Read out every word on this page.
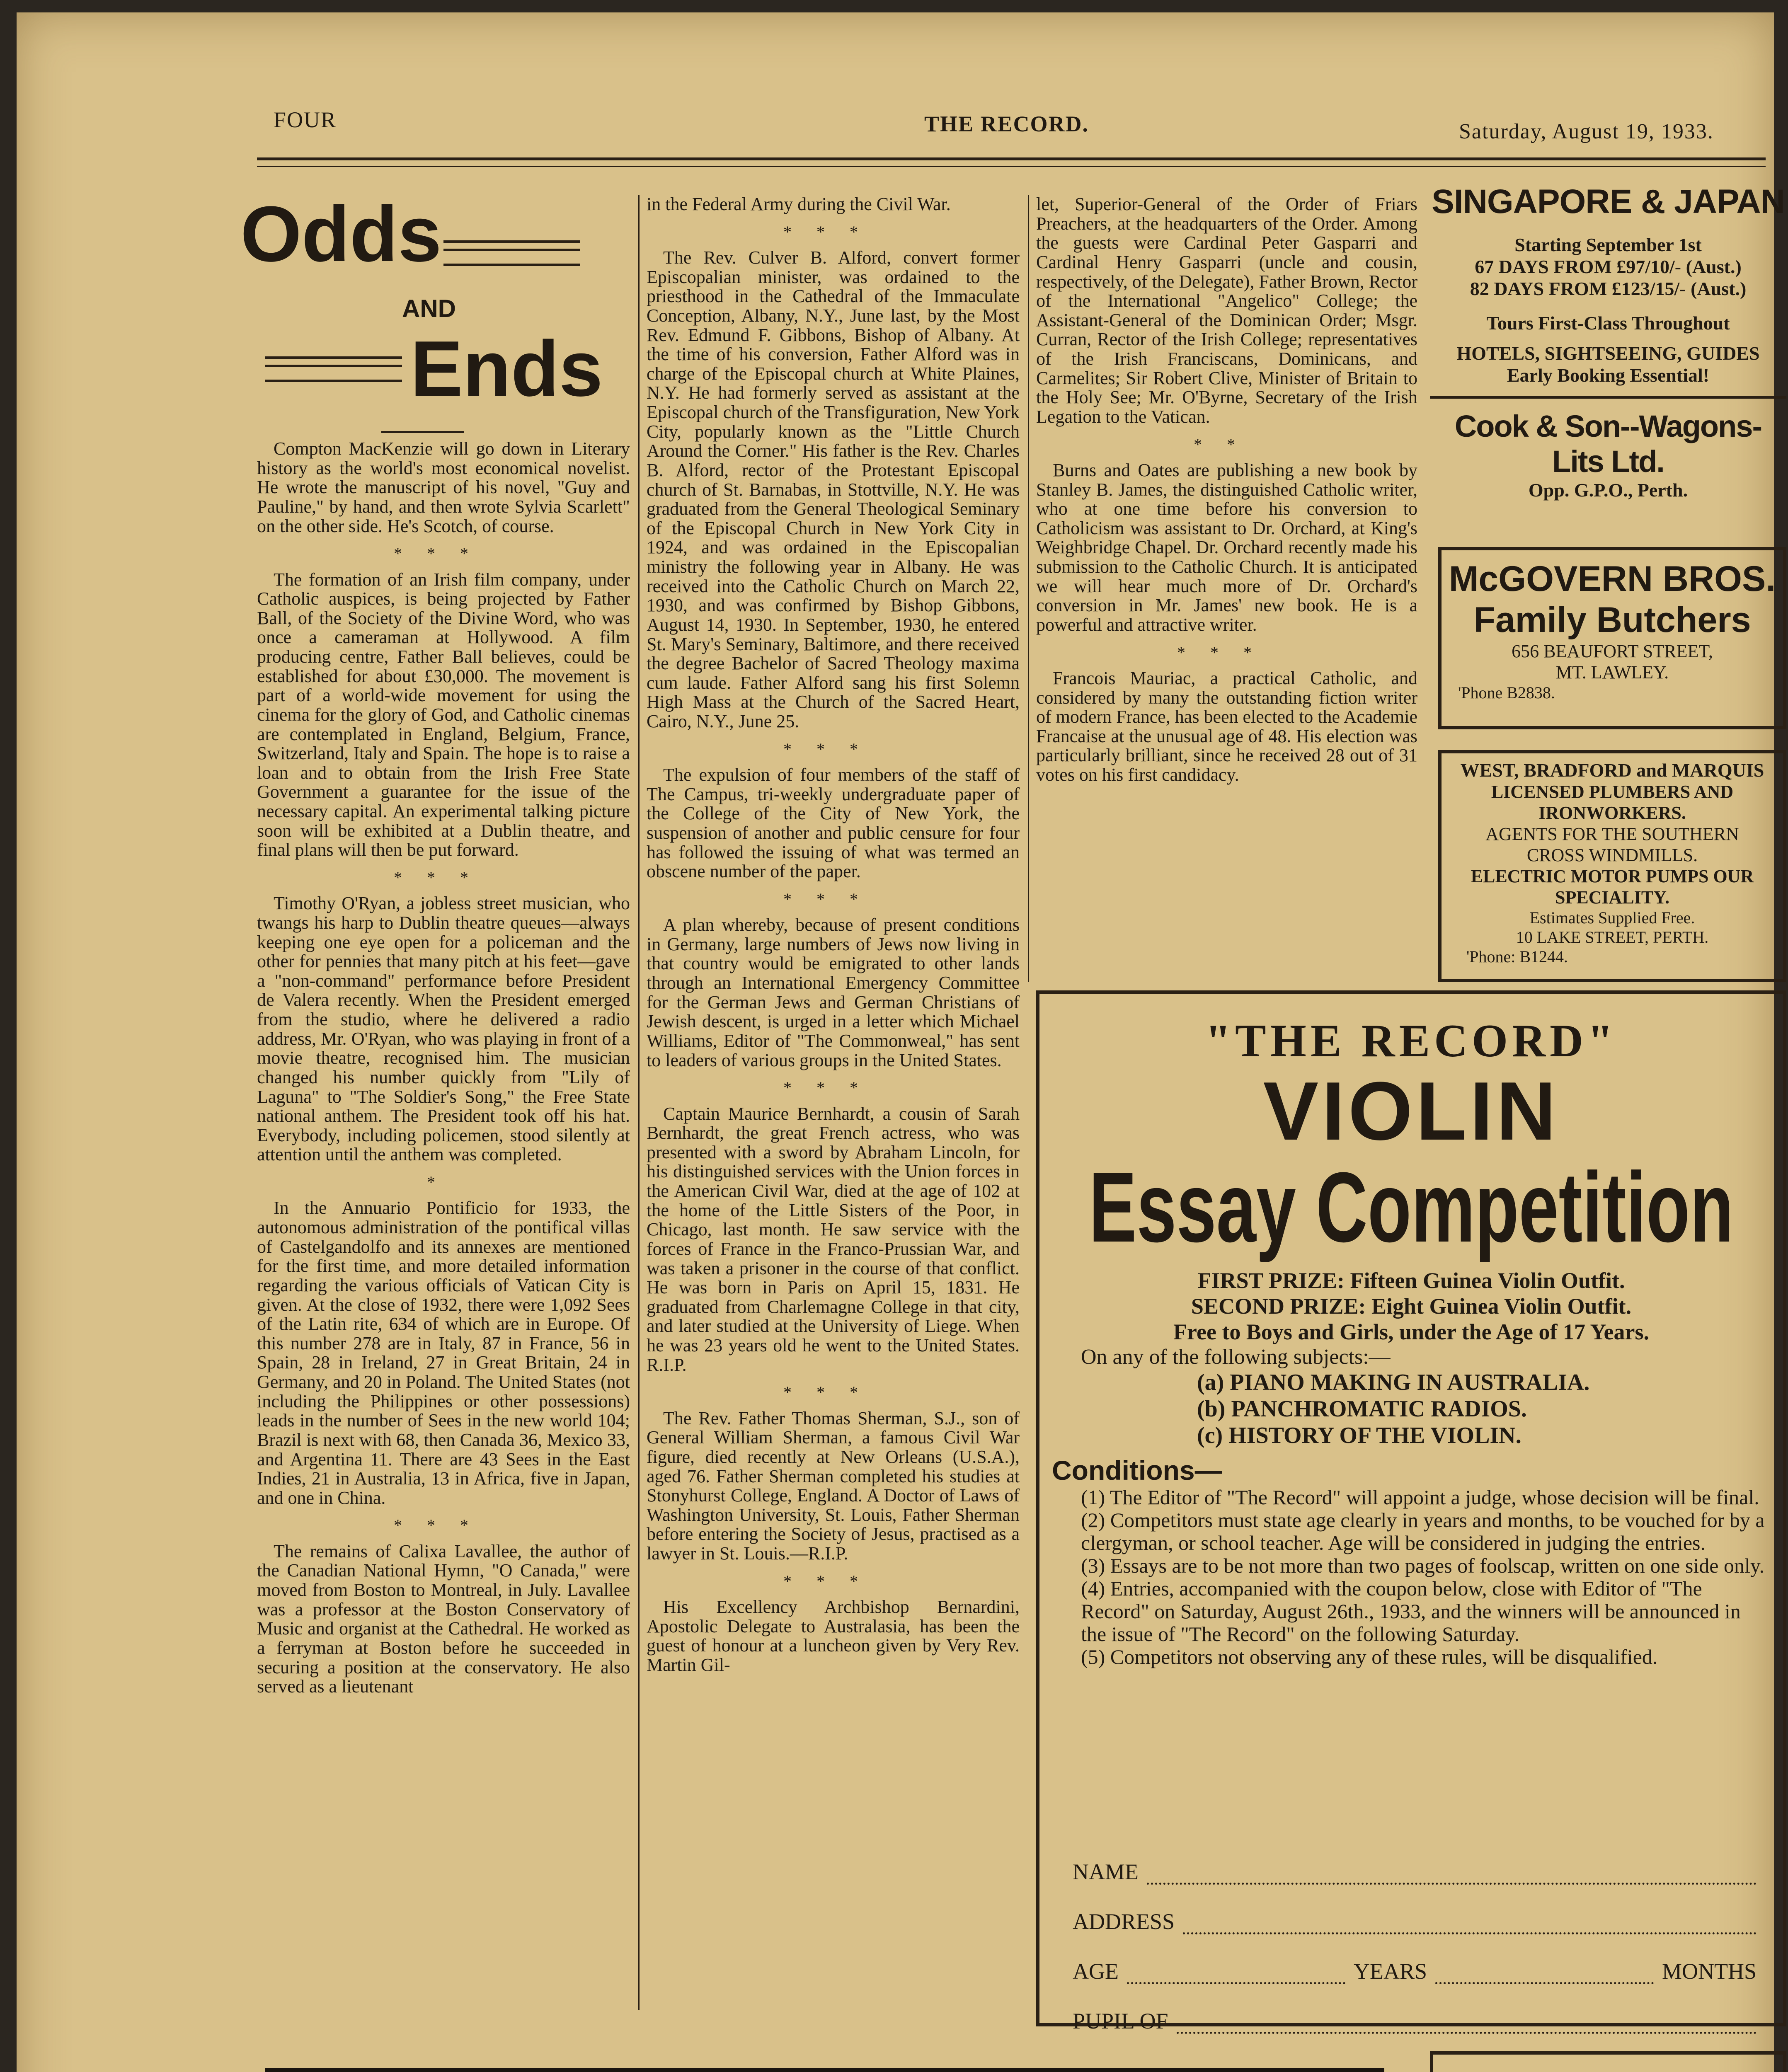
FOUR	THE RECORD.	Saturday, August 19, 1933.
Odds
AND
Ends

Compton MacKenzie will go down in Literary history as the world's most economical novelist. He wrote the manuscript of his novel, "Guy and Pauline," by hand, and then wrote Sylvia Scarlett" on the other side. He's Scotch, of course.

***

The formation of an Irish film company, under Catholic auspices, is being projected by Father Ball, of the Society of the Divine Word, who was once a cameraman at Hollywood. A film producing centre, Father Ball believes, could be established for about £30,000. The movement is part of a world-wide movement for using the cinema for the glory of God, and Catholic cinemas are contemplated in England, Belgium, France, Switzerland, Italy and Spain. The hope is to raise a loan and to obtain from the Irish Free State Government a guarantee for the issue of the necessary capital. An experimental talking picture soon will be exhibited at a Dublin theatre, and final plans will then be put forward.

***

Timothy O'Ryan, a jobless street musician, who twangs his harp to Dublin theatre queues—always keeping one eye open for a policeman and the other for pennies that many pitch at his feet—gave a "non-command" performance before President de Valera recently. When the President emerged from the studio, where he delivered a radio address, Mr. O'Ryan, who was playing in front of a movie theatre, recognised him. The musician changed his number quickly from "Lily of Laguna" to "The Soldier's Song," the Free State national anthem. The President took off his hat. Everybody, including policemen, stood silently at attention until the anthem was completed.

*

In the Annuario Pontificio for 1933, the autonomous administration of the pontifical villas of Castelgandolfo and its annexes are mentioned for the first time, and more detailed information regarding the various officials of Vatican City is given. At the close of 1932, there were 1,092 Sees of the Latin rite, 634 of which are in Europe. Of this number 278 are in Italy, 87 in France, 56 in Spain, 28 in Ireland, 27 in Great Britain, 24 in Germany, and 20 in Poland. The United States (not including the Philippines or other possessions) leads in the number of Sees in the new world 104; Brazil is next with 68, then Canada 36, Mexico 33, and Argentina 11. There are 43 Sees in the East Indies, 21 in Australia, 13 in Africa, five in Japan, and one in China.

***

The remains of Calixa Lavallee, the author of the Canadian National Hymn, "O Canada," were moved from Boston to Montreal, in July. Lavallee was a professor at the Boston Conservatory of Music and organist at the Cathedral. He worked as a ferryman at Boston before he succeeded in securing a position at the conservatory. He also served as a lieutenant

in the Federal Army during the Civil War.

***

The Rev. Culver B. Alford, convert former Episcopalian minister, was ordained to the priesthood in the Cathedral of the Immaculate Conception, Albany, N.Y., June last, by the Most Rev. Edmund F. Gibbons, Bishop of Albany. At the time of his conversion, Father Alford was in charge of the Episcopal church at White Plaines, N.Y. He had formerly served as assistant at the Episcopal church of the Transfiguration, New York City, popularly known as the "Little Church Around the Corner." His father is the Rev. Charles B. Alford, rector of the Protestant Episcopal church of St. Barnabas, in Stottville, N.Y. He was graduated from the General Theological Seminary of the Episcopal Church in New York City in 1924, and was ordained in the Episcopalian ministry the following year in Albany. He was received into the Catholic Church on March 22, 1930, and was confirmed by Bishop Gibbons, August 14, 1930. In September, 1930, he entered St. Mary's Seminary, Baltimore, and there received the degree Bachelor of Sacred Theology maxima cum laude. Father Alford sang his first Solemn High Mass at the Church of the Sacred Heart, Cairo, N.Y., June 25.

***

The expulsion of four members of the staff of The Campus, tri-weekly undergraduate paper of the College of the City of New York, the suspension of another and public censure for four has followed the issuing of what was termed an obscene number of the paper.

***

A plan whereby, because of present conditions in Germany, large numbers of Jews now living in that country would be emigrated to other lands through an International Emergency Committee for the German Jews and German Christians of Jewish descent, is urged in a letter which Michael Williams, Editor of "The Commonweal," has sent to leaders of various groups in the United States.

***

Captain Maurice Bernhardt, a cousin of Sarah Bernhardt, the great French actress, who was presented with a sword by Abraham Lincoln, for his distinguished services with the Union forces in the American Civil War, died at the age of 102 at the home of the Little Sisters of the Poor, in Chicago, last month. He saw service with the forces of France in the Franco-Prussian War, and was taken a prisoner in the course of that conflict. He was born in Paris on April 15, 1831. He graduated from Charlemagne College in that city, and later studied at the University of Liege. When he was 23 years old he went to the United States. R.I.P.

***

The Rev. Father Thomas Sherman, S.J., son of General William Sherman, a famous Civil War figure, died recently at New Orleans (U.S.A.), aged 76. Father Sherman completed his studies at Stonyhurst College, England. A Doctor of Laws of Washington University, St. Louis, Father Sherman before entering the Society of Jesus, practised as a lawyer in St. Louis.—R.I.P.

***

His Excellency Archbishop Bernardini, Apostolic Delegate to Australasia, has been the guest of honour at a luncheon given by Very Rev. Martin Gil-

let, Superior-General of the Order of Friars Preachers, at the headquarters of the Order. Among the guests were Cardinal Peter Gasparri and Cardinal Henry Gasparri (uncle and cousin, respectively, of the Delegate), Father Brown, Rector of the International "Angelico" College; the Assistant-General of the Dominican Order; Msgr. Curran, Rector of the Irish College; representatives of the Irish Franciscans, Dominicans, and Carmelites; Sir Robert Clive, Minister of Britain to the Holy See; Mr. O'Byrne, Secretary of the Irish Legation to the Vatican.

**

Burns and Oates are publishing a new book by Stanley B. James, the distinguished Catholic writer, who at one time before his conversion to Catholicism was assistant to Dr. Orchard, at King's Weighbridge Chapel. Dr. Orchard recently made his submission to the Catholic Church. It is anticipated we will hear much more of Dr. Orchard's conversion in Mr. James' new book. He is a powerful and attractive writer.

***

Francois Mauriac, a practical Catholic, and considered by many the outstanding fiction writer of modern France, has been elected to the Academie Francaise at the unusual age of 48. His election was particularly brilliant, since he received 28 out of 31 votes on his first candidacy.

SINGAPORE & JAPAN
Starting September 1st
67 DAYS FROM £97/10/- (Aust.)
82 DAYS FROM £123/15/- (Aust.)
Tours First-Class Throughout
HOTELS, SIGHTSEEING, GUIDES
Early Booking Essential!
Cook & Son--Wagons-Lits Ltd.
Opp. G.P.O., Perth.
McGOVERN BROS.
Family Butchers
656 BEAUFORT STREET,
MT. LAWLEY.
'Phone B2838.
WEST, BRADFORD and MARQUIS
LICENSED PLUMBERS AND
IRONWORKERS.
AGENTS FOR THE SOUTHERN
CROSS WINDMILLS.
ELECTRIC MOTOR PUMPS OUR
SPECIALITY.
Estimates Supplied Free.
10 LAKE STREET, PERTH.
'Phone: B1244.
"THE RECORD"
VIOLIN
Essay Competition
FIRST PRIZE: Fifteen Guinea Violin Outfit.
SECOND PRIZE: Eight Guinea Violin Outfit.
Free to Boys and Girls, under the Age of 17 Years.
On any of the following subjects:—
(a) PIANO MAKING IN AUSTRALIA.
(b) PANCHROMATIC RADIOS.
(c) HISTORY OF THE VIOLIN.
Conditions—
(1) The Editor of "The Record" will appoint a judge, whose decision will be final.
(2) Competitors must state age clearly in years and months, to be vouched for by a clergyman, or school teacher. Age will be considered in judging the entries.
(3) Essays are to be not more than two pages of foolscap, written on one side only.
(4) Entries, accompanied with the coupon below, close with Editor of "The Record" on Saturday, August 26th., 1933, and the winners will be announced in the issue of "The Record" on the following Saturday.
(5) Competitors not observing any of these rules, will be disqualified.
NAME
ADDRESS
AGE	YEARS	MONTHS
PUPIL OF
